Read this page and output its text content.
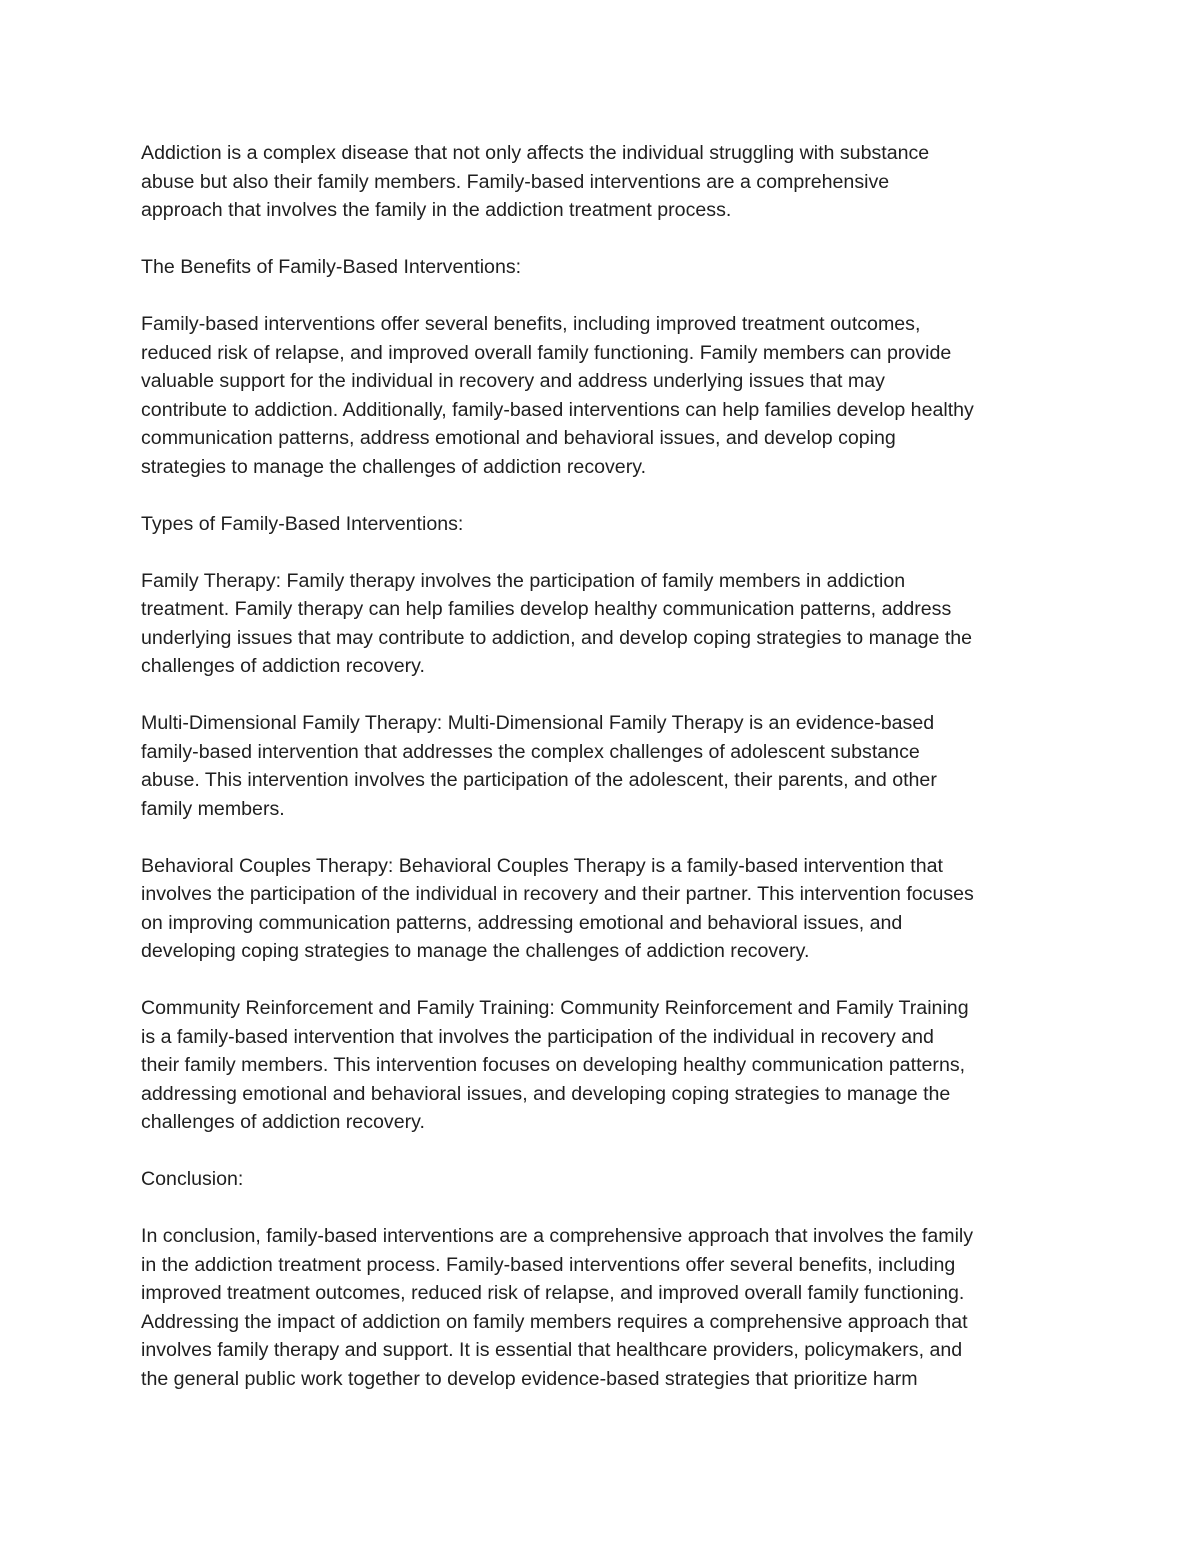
Addiction is a complex disease that not only affects the individual struggling with substance
abuse but also their family members. Family-based interventions are a comprehensive
approach that involves the family in the addiction treatment process.

The Benefits of Family-Based Interventions:

Family-based interventions offer several benefits, including improved treatment outcomes,
reduced risk of relapse, and improved overall family functioning. Family members can provide
valuable support for the individual in recovery and address underlying issues that may
contribute to addiction. Additionally, family-based interventions can help families develop healthy
communication patterns, address emotional and behavioral issues, and develop coping
strategies to manage the challenges of addiction recovery.

Types of Family-Based Interventions:

Family Therapy: Family therapy involves the participation of family members in addiction
treatment. Family therapy can help families develop healthy communication patterns, address
underlying issues that may contribute to addiction, and develop coping strategies to manage the
challenges of addiction recovery.

Multi-Dimensional Family Therapy: Multi-Dimensional Family Therapy is an evidence-based
family-based intervention that addresses the complex challenges of adolescent substance
abuse. This intervention involves the participation of the adolescent, their parents, and other
family members.

Behavioral Couples Therapy: Behavioral Couples Therapy is a family-based intervention that
involves the participation of the individual in recovery and their partner. This intervention focuses
on improving communication patterns, addressing emotional and behavioral issues, and
developing coping strategies to manage the challenges of addiction recovery.

Community Reinforcement and Family Training: Community Reinforcement and Family Training
is a family-based intervention that involves the participation of the individual in recovery and
their family members. This intervention focuses on developing healthy communication patterns,
addressing emotional and behavioral issues, and developing coping strategies to manage the
challenges of addiction recovery.

Conclusion:

In conclusion, family-based interventions are a comprehensive approach that involves the family
in the addiction treatment process. Family-based interventions offer several benefits, including
improved treatment outcomes, reduced risk of relapse, and improved overall family functioning.
Addressing the impact of addiction on family members requires a comprehensive approach that
involves family therapy and support. It is essential that healthcare providers, policymakers, and
the general public work together to develop evidence-based strategies that prioritize harm
